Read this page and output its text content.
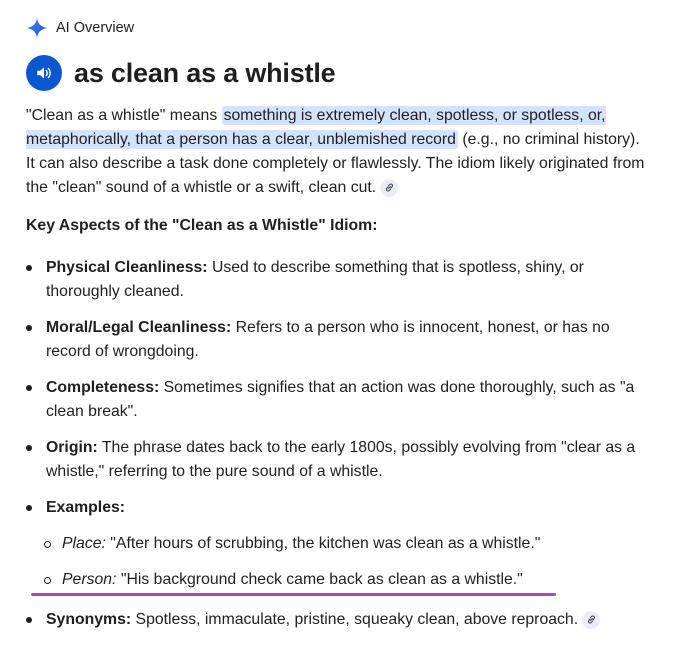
AI Overview
as clean as a whistle
"Clean as a whistle" means something is extremely clean, spotless, or spotless, or, metaphorically, that a person has a clear, unblemished record (e.g., no criminal history). It can also describe a task done completely or flawlessly. The idiom likely originated from the "clean" sound of a whistle or a swift, clean cut.
Key Aspects of the "Clean as a Whistle" Idiom:
Physical Cleanliness: Used to describe something that is spotless, shiny, or thoroughly cleaned.
Moral/Legal Cleanliness: Refers to a person who is innocent, honest, or has no record of wrongdoing.
Completeness: Sometimes signifies that an action was done thoroughly, such as "a clean break".
Origin: The phrase dates back to the early 1800s, possibly evolving from "clear as a whistle," referring to the pure sound of a whistle.
Examples:
Place: "After hours of scrubbing, the kitchen was clean as a whistle."
Person: "His background check came back as clean as a whistle."
Synonyms: Spotless, immaculate, pristine, squeaky clean, above reproach.
